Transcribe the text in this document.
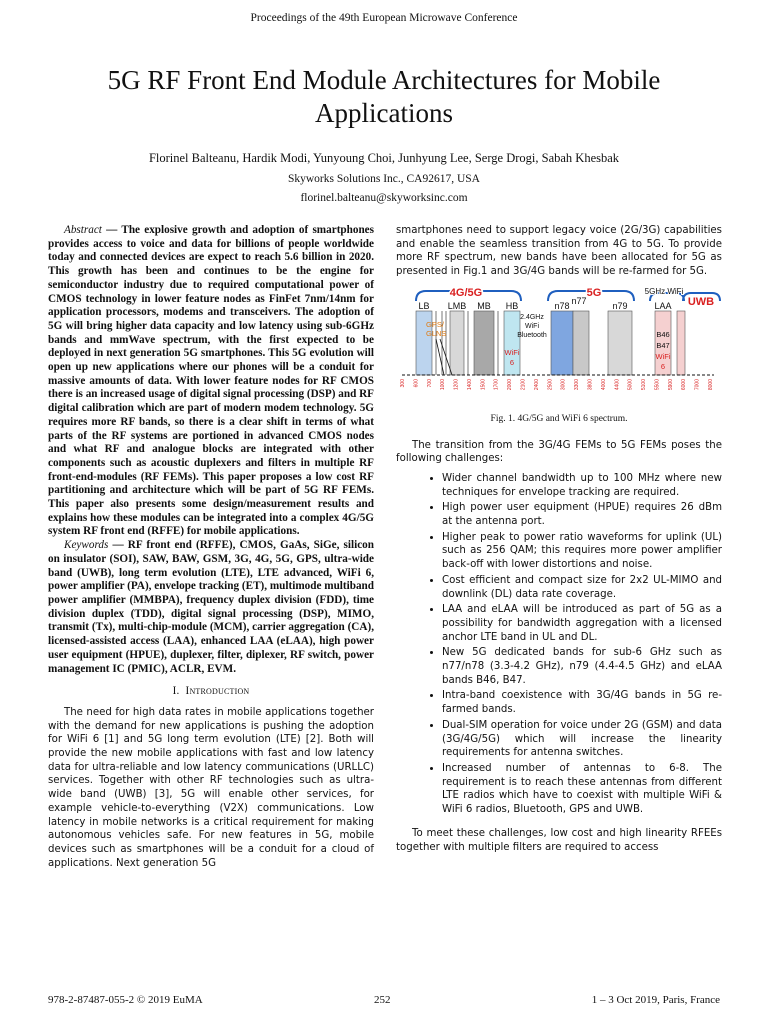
Proceedings of the 49th European Microwave Conference
5G RF Front End Module Architectures for Mobile Applications
Florinel Balteanu, Hardik Modi, Yunyoung Choi, Junhyung Lee, Serge Drogi, Sabah Khesbak
Skyworks Solutions Inc., CA92617, USA
florinel.balteanu@skyworksinc.com

Abstract — The explosive growth and adoption of smartphones provides access to voice and data for billions of people worldwide today and connected devices are expect to reach 5.6 billion in 2020. This growth has been and continues to be the engine for semiconductor industry due to required computational power of CMOS technology in lower feature nodes as FinFet 7nm/14nm for application processors, modems and transceivers. The adoption of 5G will bring higher data capacity and low latency using sub-6GHz bands and mmWave spectrum, with the first expected to be deployed in next generation 5G smartphones. This 5G evolution will open up new applications where our phones will be a conduit for massive amounts of data. With lower feature nodes for RF CMOS there is an increased usage of digital signal processing (DSP) and RF digital calibration which are part of modern modem technology. 5G requires more RF bands, so there is a clear shift in terms of what parts of the RF systems are portioned in advanced CMOS nodes and what RF and analogue blocks are integrated with other components such as acoustic duplexers and filters in multiple RF front-end-modules (RF FEMs). This paper proposes a low cost RF partitioning and architecture which will be part of 5G RF FEMs. This paper also presents some design/measurement results and explains how these modules can be integrated into a complex 4G/5G system RF front end (RFFE) for mobile applications.

Keywords — RF front end (RFFE), CMOS, GaAs, SiGe, silicon on insulator (SOI), SAW, BAW, GSM, 3G, 4G, 5G, GPS, ultra-wide band (UWB), long term evolution (LTE), LTE advanced, WiFi 6, power amplifier (PA), envelope tracking (ET), multimode multiband power amplifier (MMBPA), frequency duplex division (FDD), time division duplex (TDD), digital signal processing (DSP), MIMO, transmit (Tx), multi-chip-module (MCM), carrier aggregation (CA), licensed-assisted access (LAA), enhanced LAA (eLAA), high power user equipment (HPUE), duplexer, filter, diplexer, RF switch, power management IC (PMIC), ACLR, EVM.

I. Introduction

The need for high data rates in mobile applications together with the demand for new applications is pushing the adoption for WiFi 6 [1] and 5G long term evolution (LTE) [2]. Both will provide the new mobile applications with fast and low latency data for ultra-reliable and low latency communications (URLLC) services. Together with other RF technologies such as ultra-wide band (UWB) [3], 5G will enable other services, for example vehicle-to-everything (V2X) communications. Low latency in mobile networks is a critical requirement for making autonomous vehicles safe. For new features in 5G, mobile devices such as smartphones will be a conduit for a cloud of applications. Next generation 5G

smartphones need to support legacy voice (2G/3G) capabilities and enable the seamless transition from 4G to 5G. To provide more RF spectrum, new bands have been allocated for 5G as presented in Fig.1 and 3G/4G bands will be re-farmed for 5G.

4G/5G	5G	5GHz WiFi
UWB
LB LMB MB HB	n78 n77	n79	LAA
GPS/
GLNS
2.4GHz
WiFi
Bluetooth
WiFi
6
B46
B47
WiFi
6
300 600 700 1000 1200 1400 1500 1700 2000 2100 2400 2500 3000 3300 3800 4000 4400 5000 5100 5500 5900 6000 7000 8000
Fig. 1. 4G/5G and WiFi 6 spectrum.

The transition from the 3G/4G FEMs to 5G FEMs poses the following challenges:

• Wider channel bandwidth up to 100 MHz where new techniques for envelope tracking are required.
• High power user equipment (HPUE) requires 26 dBm at the antenna port.
• Higher peak to power ratio waveforms for uplink (UL) such as 256 QAM; this requires more power amplifier back-off with lower distortions and noise.
• Cost efficient and compact size for 2x2 UL-MIMO and downlink (DL) data rate coverage.
• LAA and eLAA will be introduced as part of 5G as a possibility for bandwidth aggregation with a licensed anchor LTE band in UL and DL.
• New 5G dedicated bands for sub-6 GHz such as n77/n78 (3.3-4.2 GHz), n79 (4.4-4.5 GHz) and eLAA bands B46, B47.
• Intra-band coexistence with 3G/4G bands in 5G re-farmed bands.
• Dual-SIM operation for voice under 2G (GSM) and data (3G/4G/5G) which will increase the linearity requirements for antenna switches.
• Increased number of antennas to 6-8. The requirement is to reach these antennas from different LTE radios which have to coexist with multiple WiFi & WiFi 6 radios, Bluetooth, GPS and UWB.

To meet these challenges, low cost and high linearity RFEEs together with multiple filters are required to access

978-2-87487-055-2 © 2019 EuMA	252	1 – 3 Oct 2019, Paris, France
